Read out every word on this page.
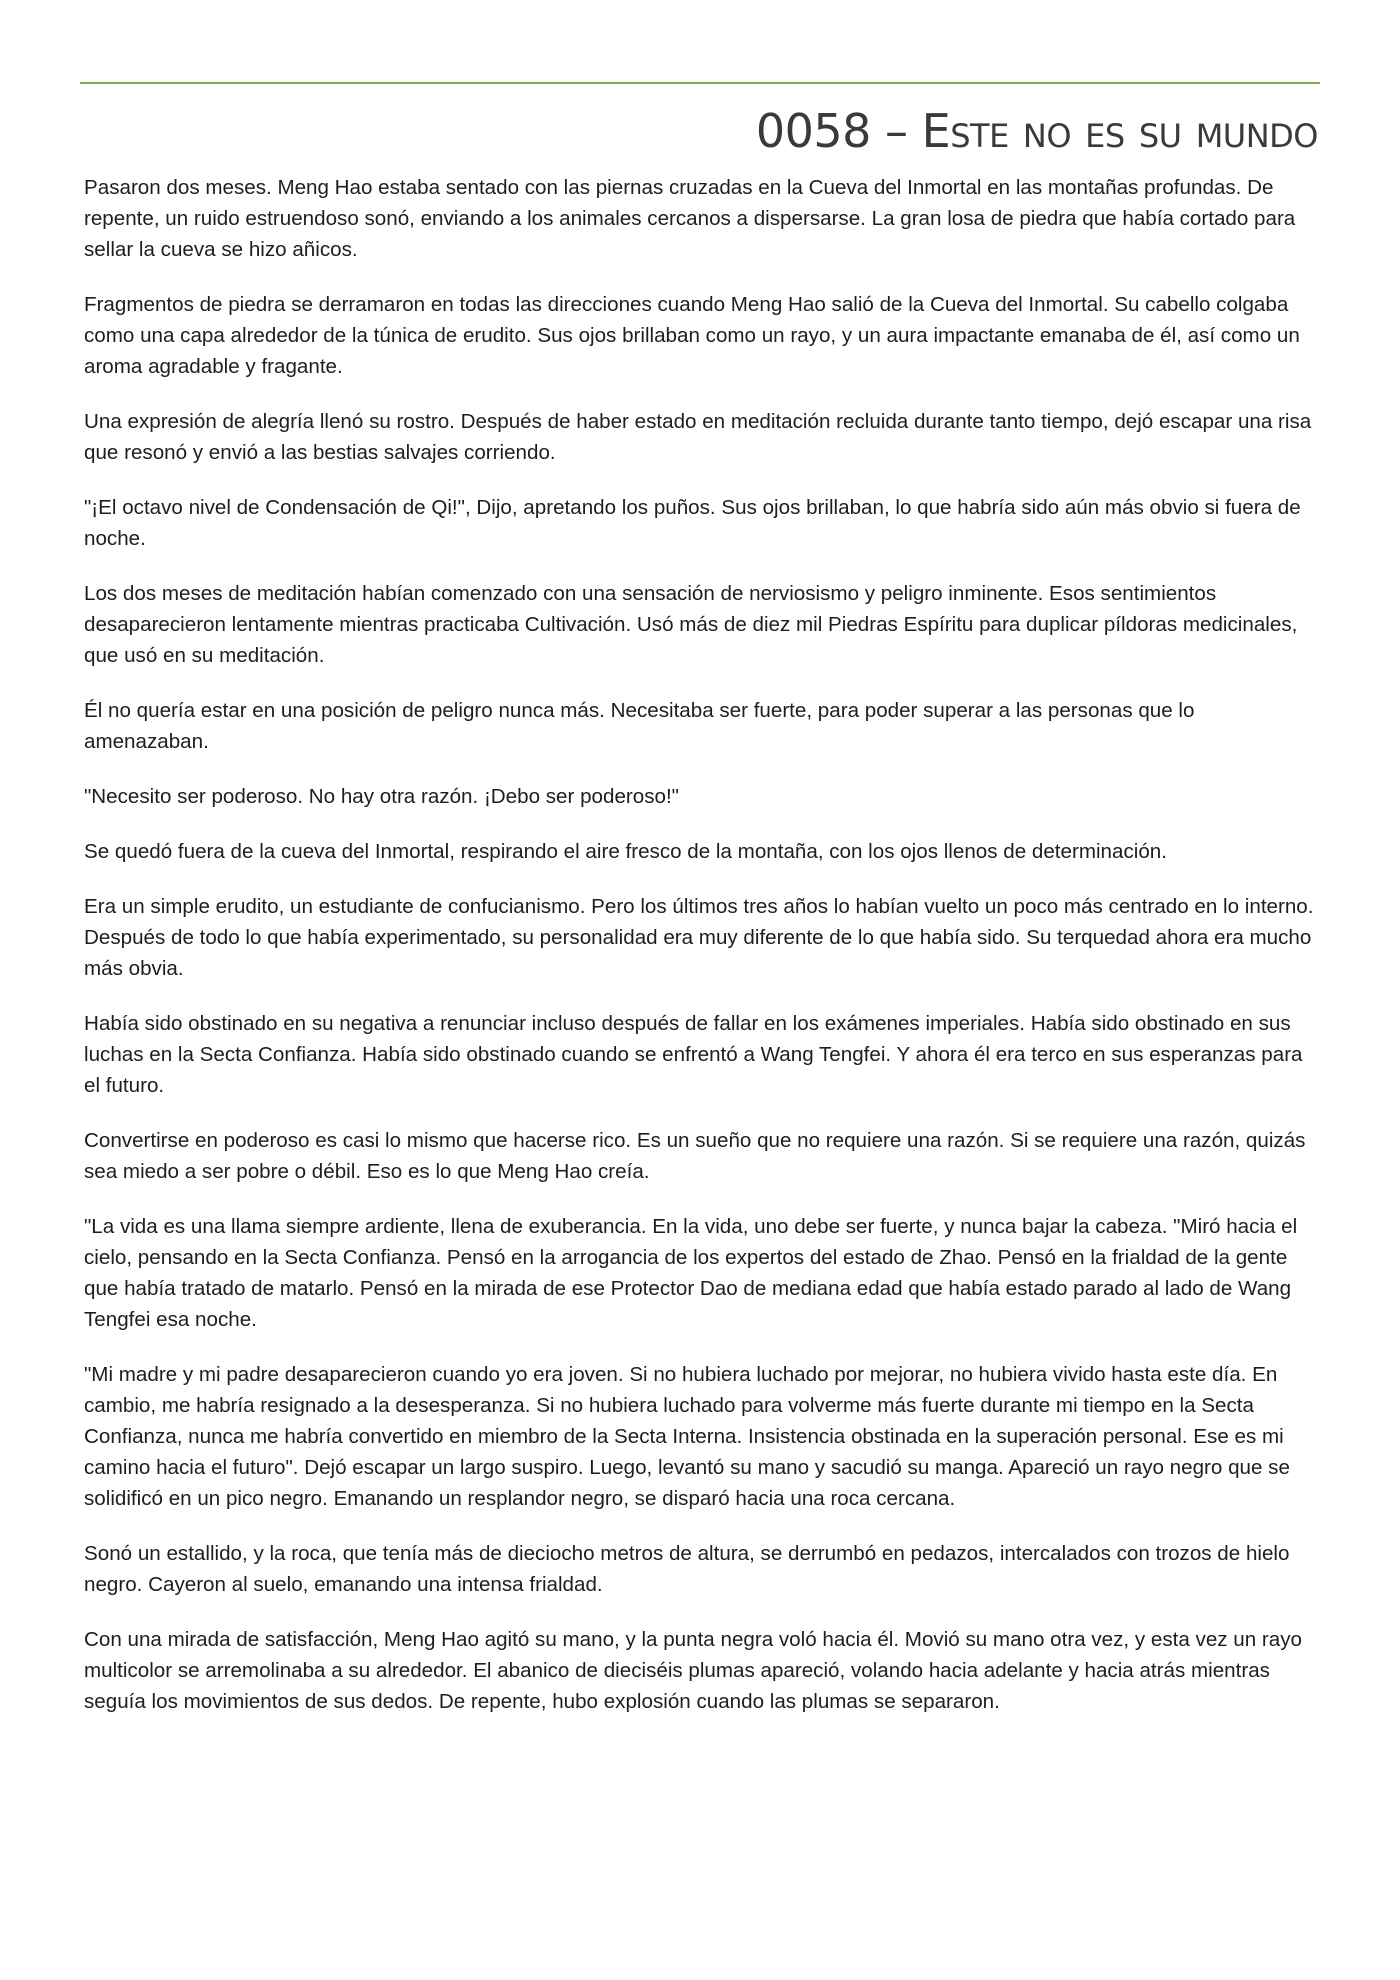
0058 – Este no es su mundo

Pasaron dos meses. Meng Hao estaba sentado con las piernas cruzadas en la Cueva del Inmortal en las montañas profundas. De repente, un ruido estruendoso sonó, enviando a los animales cercanos a dispersarse. La gran losa de piedra que había cortado para sellar la cueva se hizo añicos.

Fragmentos de piedra se derramaron en todas las direcciones cuando Meng Hao salió de la Cueva del Inmortal. Su cabello colgaba como una capa alrededor de la túnica de erudito. Sus ojos brillaban como un rayo, y un aura impactante emanaba de él, así como un aroma agradable y fragante.

Una expresión de alegría llenó su rostro. Después de haber estado en meditación recluida durante tanto tiempo, dejó escapar una risa que resonó y envió a las bestias salvajes corriendo.

"¡El octavo nivel de Condensación de Qi!", Dijo, apretando los puños. Sus ojos brillaban, lo que habría sido aún más obvio si fuera de noche.

Los dos meses de meditación habían comenzado con una sensación de nerviosismo y peligro inminente. Esos sentimientos desaparecieron lentamente mientras practicaba Cultivación. Usó más de diez mil Piedras Espíritu para duplicar píldoras medicinales, que usó en su meditación.

Él no quería estar en una posición de peligro nunca más. Necesitaba ser fuerte, para poder superar a las personas que lo amenazaban.

"Necesito ser poderoso. No hay otra razón. ¡Debo ser poderoso!"

Se quedó fuera de la cueva del Inmortal, respirando el aire fresco de la montaña, con los ojos llenos de determinación.

Era un simple erudito, un estudiante de confucianismo. Pero los últimos tres años lo habían vuelto un poco más centrado en lo interno. Después de todo lo que había experimentado, su personalidad era muy diferente de lo que había sido. Su terquedad ahora era mucho más obvia.

Había sido obstinado en su negativa a renunciar incluso después de fallar en los exámenes imperiales. Había sido obstinado en sus luchas en la Secta Confianza. Había sido obstinado cuando se enfrentó a Wang Tengfei. Y ahora él era terco en sus esperanzas para el futuro.

Convertirse en poderoso es casi lo mismo que hacerse rico. Es un sueño que no requiere una razón. Si se requiere una razón, quizás sea miedo a ser pobre o débil. Eso es lo que Meng Hao creía.

"La vida es una llama siempre ardiente, llena de exuberancia. En la vida, uno debe ser fuerte, y nunca bajar la cabeza. "Miró hacia el cielo, pensando en la Secta Confianza. Pensó en la arrogancia de los expertos del estado de Zhao. Pensó en la frialdad de la gente que había tratado de matarlo. Pensó en la mirada de ese Protector Dao de mediana edad que había estado parado al lado de Wang Tengfei esa noche.

"Mi madre y mi padre desaparecieron cuando yo era joven. Si no hubiera luchado por mejorar, no hubiera vivido hasta este día. En cambio, me habría resignado a la desesperanza. Si no hubiera luchado para volverme más fuerte durante mi tiempo en la Secta Confianza, nunca me habría convertido en miembro de la Secta Interna. Insistencia obstinada en la superación personal. Ese es mi camino hacia el futuro". Dejó escapar un largo suspiro. Luego, levantó su mano y sacudió su manga. Apareció un rayo negro que se solidificó en un pico negro. Emanando un resplandor negro, se disparó hacia una roca cercana.

Sonó un estallido, y la roca, que tenía más de dieciocho metros de altura, se derrumbó en pedazos, intercalados con trozos de hielo negro. Cayeron al suelo, emanando una intensa frialdad.

Con una mirada de satisfacción, Meng Hao agitó su mano, y la punta negra voló hacia él. Movió su mano otra vez, y esta vez un rayo multicolor se arremolinaba a su alrededor. El abanico de dieciséis plumas apareció, volando hacia adelante y hacia atrás mientras seguía los movimientos de sus dedos. De repente, hubo explosión cuando las plumas se separaron.
